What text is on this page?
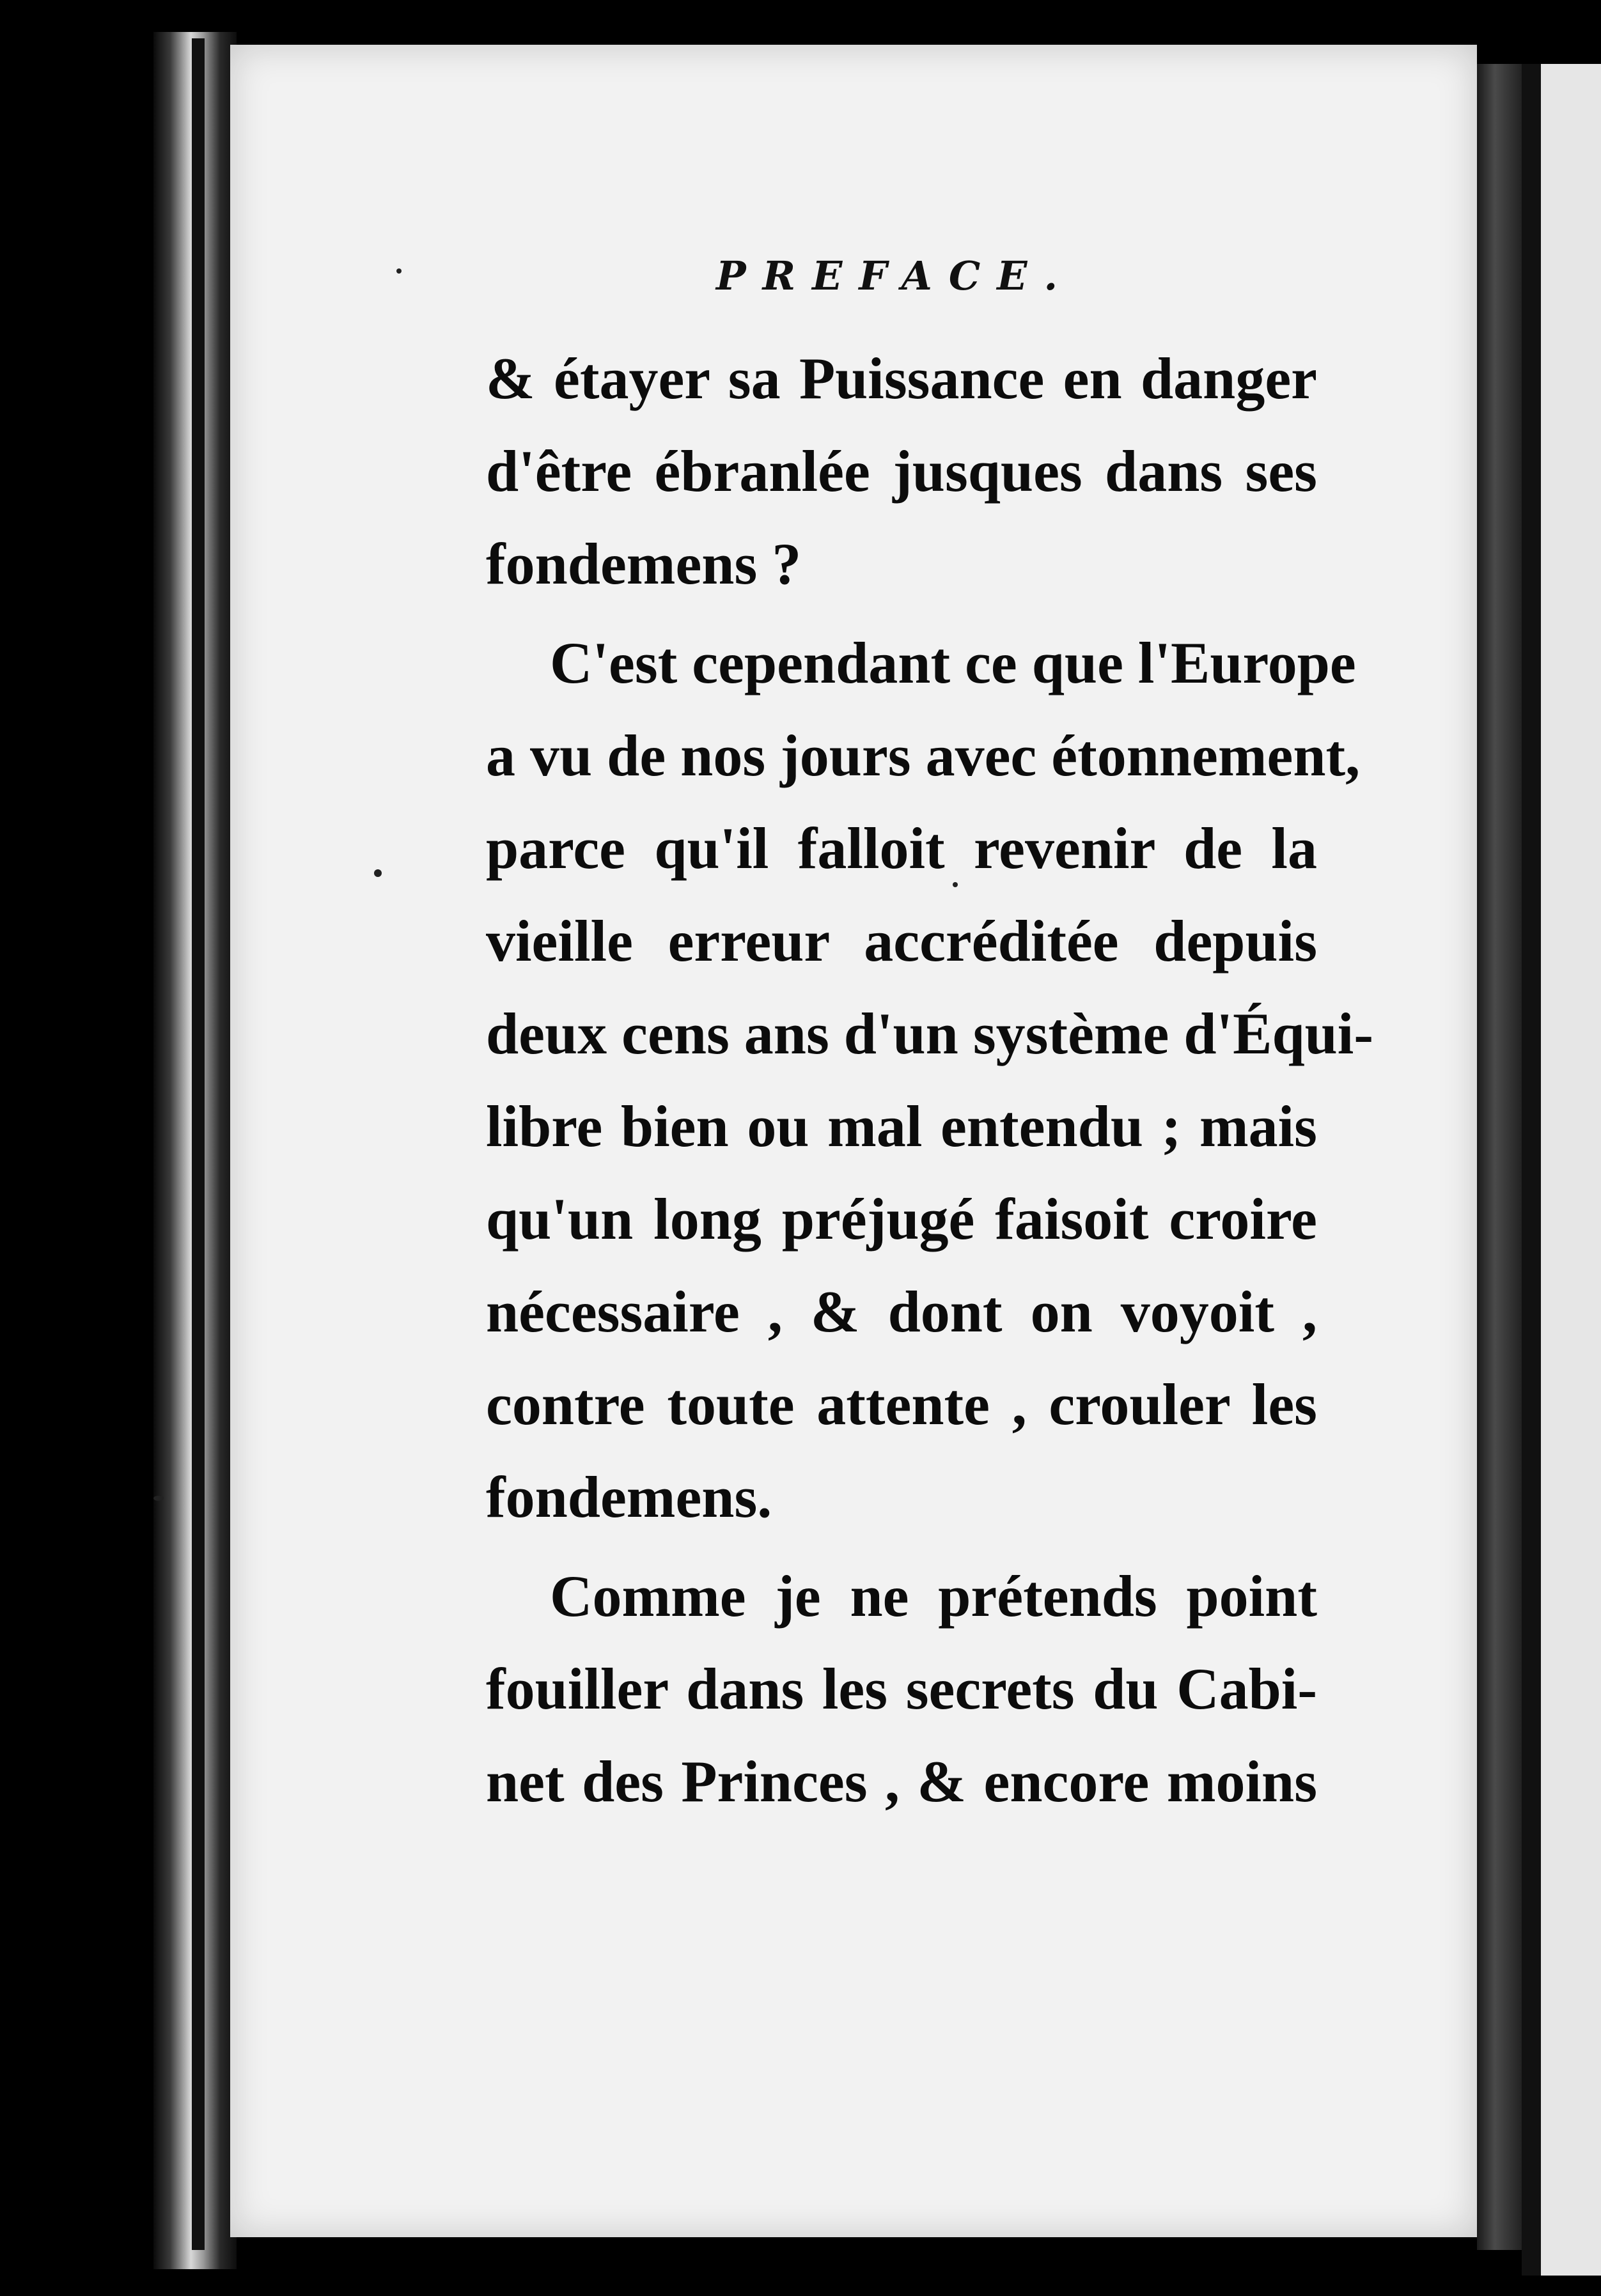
PREFACE.
& étayer sa Puissance en danger
d'être ébranlée jusques dans ses
fondemens ?
C'est cependant ce que l'Europe
a vu de nos jours avec étonnement,
parce qu'il falloit revenir de la
vieille erreur accréditée depuis
deux cens ans d'un système d'Équi-
libre bien ou mal entendu ; mais
qu'un long préjugé faisoit croire
nécessaire , & dont on voyoit ,
contre toute attente , crouler les
fondemens.
Comme je ne prétends point
fouiller dans les secrets du Cabi-
net des Princes , & encore moins
